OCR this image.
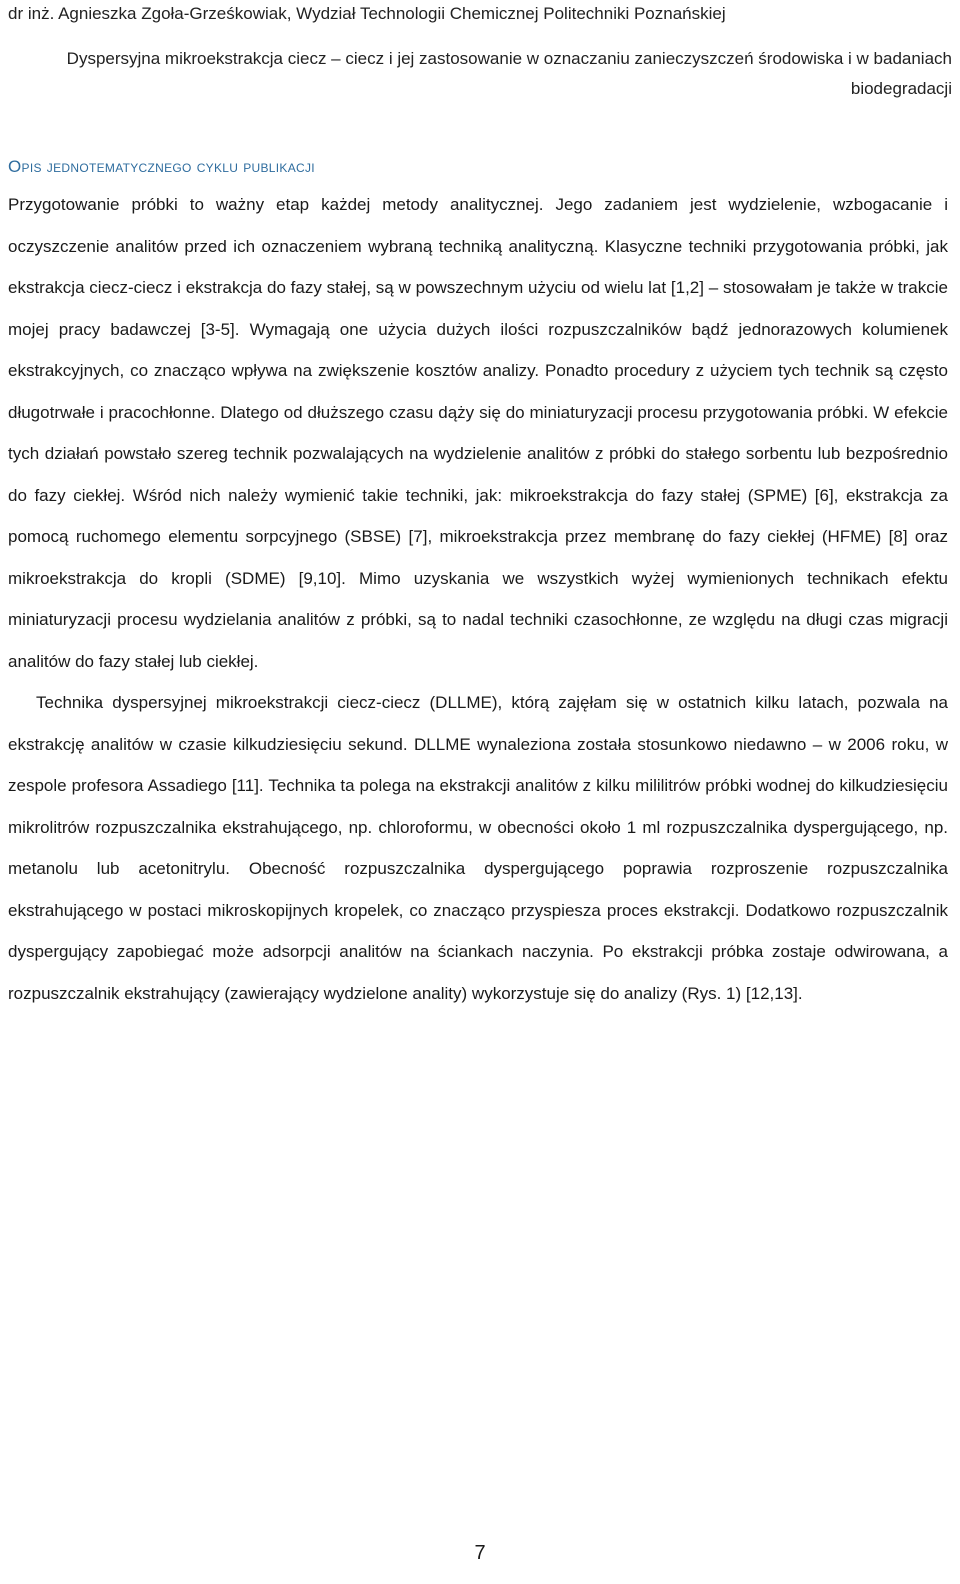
dr inż. Agnieszka Zgoła-Grześkowiak, Wydział Technologii Chemicznej Politechniki Poznańskiej
Dyspersyjna mikroekstrakcja ciecz – ciecz i jej zastosowanie w oznaczaniu zanieczyszczeń środowiska i w badaniach biodegradacji
Opis jednotematycznego cyklu publikacji

Przygotowanie próbki to ważny etap każdej metody analitycznej. Jego zadaniem jest wydzielenie, wzbogacanie i oczyszczenie analitów przed ich oznaczeniem wybraną techniką analityczną. Klasyczne techniki przygotowania próbki, jak ekstrakcja ciecz-ciecz i ekstrakcja do fazy stałej, są w powszechnym użyciu od wielu lat [1,2] – stosowałam je także w trakcie mojej pracy badawczej [3-5]. Wymagają one użycia dużych ilości rozpuszczalników bądź jednorazowych kolumienek ekstrakcyjnych, co znacząco wpływa na zwiększenie kosztów analizy. Ponadto procedury z użyciem tych technik są często długotrwałe i pracochłonne. Dlatego od dłuższego czasu dąży się do miniaturyzacji procesu przygotowania próbki. W efekcie tych działań powstało szereg technik pozwalających na wydzielenie analitów z próbki do stałego sorbentu lub bezpośrednio do fazy ciekłej. Wśród nich należy wymienić takie techniki, jak: mikroekstrakcja do fazy stałej (SPME) [6], ekstrakcja za pomocą ruchomego elementu sorpcyjnego (SBSE) [7], mikroekstrakcja przez membranę do fazy ciekłej (HFME) [8] oraz mikroekstrakcja do kropli (SDME) [9,10]. Mimo uzyskania we wszystkich wyżej wymienionych technikach efektu miniaturyzacji procesu wydzielania analitów z próbki, są to nadal techniki czasochłonne, ze względu na długi czas migracji analitów do fazy stałej lub ciekłej.

Technika dyspersyjnej mikroekstrakcji ciecz-ciecz (DLLME), którą zajęłam się w ostatnich kilku latach, pozwala na ekstrakcję analitów w czasie kilkudziesięciu sekund. DLLME wynaleziona została stosunkowo niedawno – w 2006 roku, w zespole profesora Assadiego [11]. Technika ta polega na ekstrakcji analitów z kilku mililitrów próbki wodnej do kilkudziesięciu mikrolitrów rozpuszczalnika ekstrahującego, np. chloroformu, w obecności około 1 ml rozpuszczalnika dyspergującego, np. metanolu lub acetonitrylu. Obecność rozpuszczalnika dyspergującego poprawia rozproszenie rozpuszczalnika ekstrahującego w postaci mikroskopijnych kropelek, co znacząco przyspiesza proces ekstrakcji. Dodatkowo rozpuszczalnik dyspergujący zapobiegać może adsorpcji analitów na ściankach naczynia. Po ekstrakcji próbka zostaje odwirowana, a rozpuszczalnik ekstrahujący (zawierający wydzielone anality) wykorzystuje się do analizy (Rys. 1) [12,13].

7
